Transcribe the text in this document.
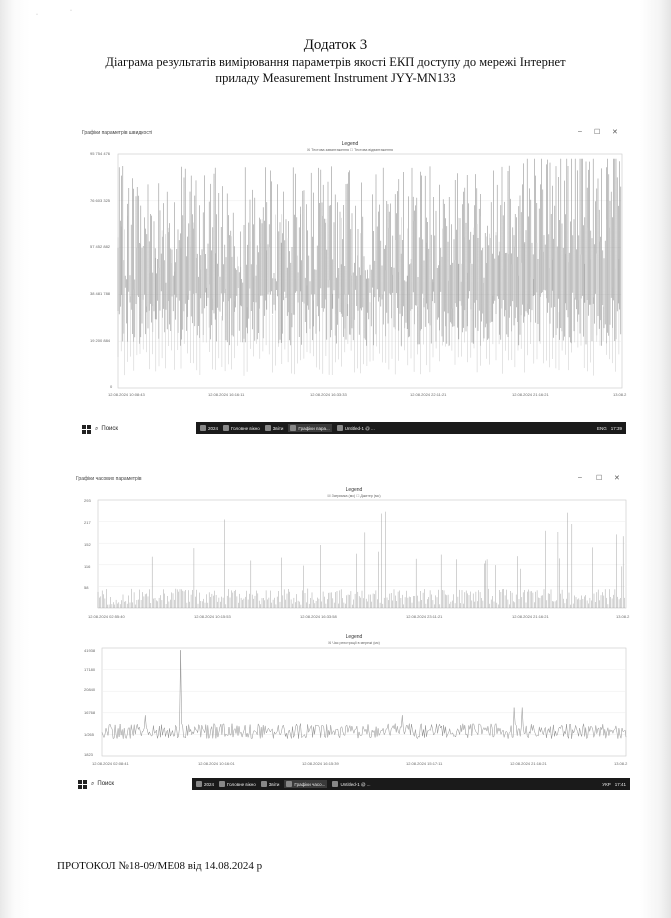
·
·
Додаток 3
Діаграма результатів вимірювання параметрів якості ЕКП доступу до мережі Інтернет
приладу Measurement Instrument JYY-MN133
Графіки параметрів швидкості	– ☐ ✕
Legend
☒ Тестова завантаження ☐ Тестова відвантаження
95 754 476
76 603 325
57 452 882
38 481 788
19 200 884
0
12.08.2024 10:08:43	12.08.2024 16:16:11	12.08.2024 16:33:33	12.08.2024 22:11:21	12.08.2024 21:16:21	13.08.2
⌕ Поиск	2024	Головне вікно	Звіти	Графіки пара...	Untitled-1 @ ...	ENG 17:39
Графіки часових параметрів	– ☐ ✕
Legend
☒ Затримка (мс) ☐ Джитер (мс)
293
217
152
116
58
12.08.2024 02:55:40	12.08.2024 10:15:53	12.08.2024 16:33:58	12.08.2024 23:11:21	12.08.2024 21:16:21	13.08.2
Legend
☒ Час реєстрації в мережі (мс)
41938
17180
20840
16768
1/265
1823
12.08.2024 02:08:41	12.08.2024 10:16:01	12.08.2024 16:15:39	12.08.2024 15:17:11	12.08.2024 21:16:21	13.08.2
⌕ Поиск	2024	Головне вікно	Звіти	Графіки часо...	Untitled-1 @ ...	УКР 17:41
ПРОТОКОЛ №18-09/МЕ08 від 14.08.2024 р
